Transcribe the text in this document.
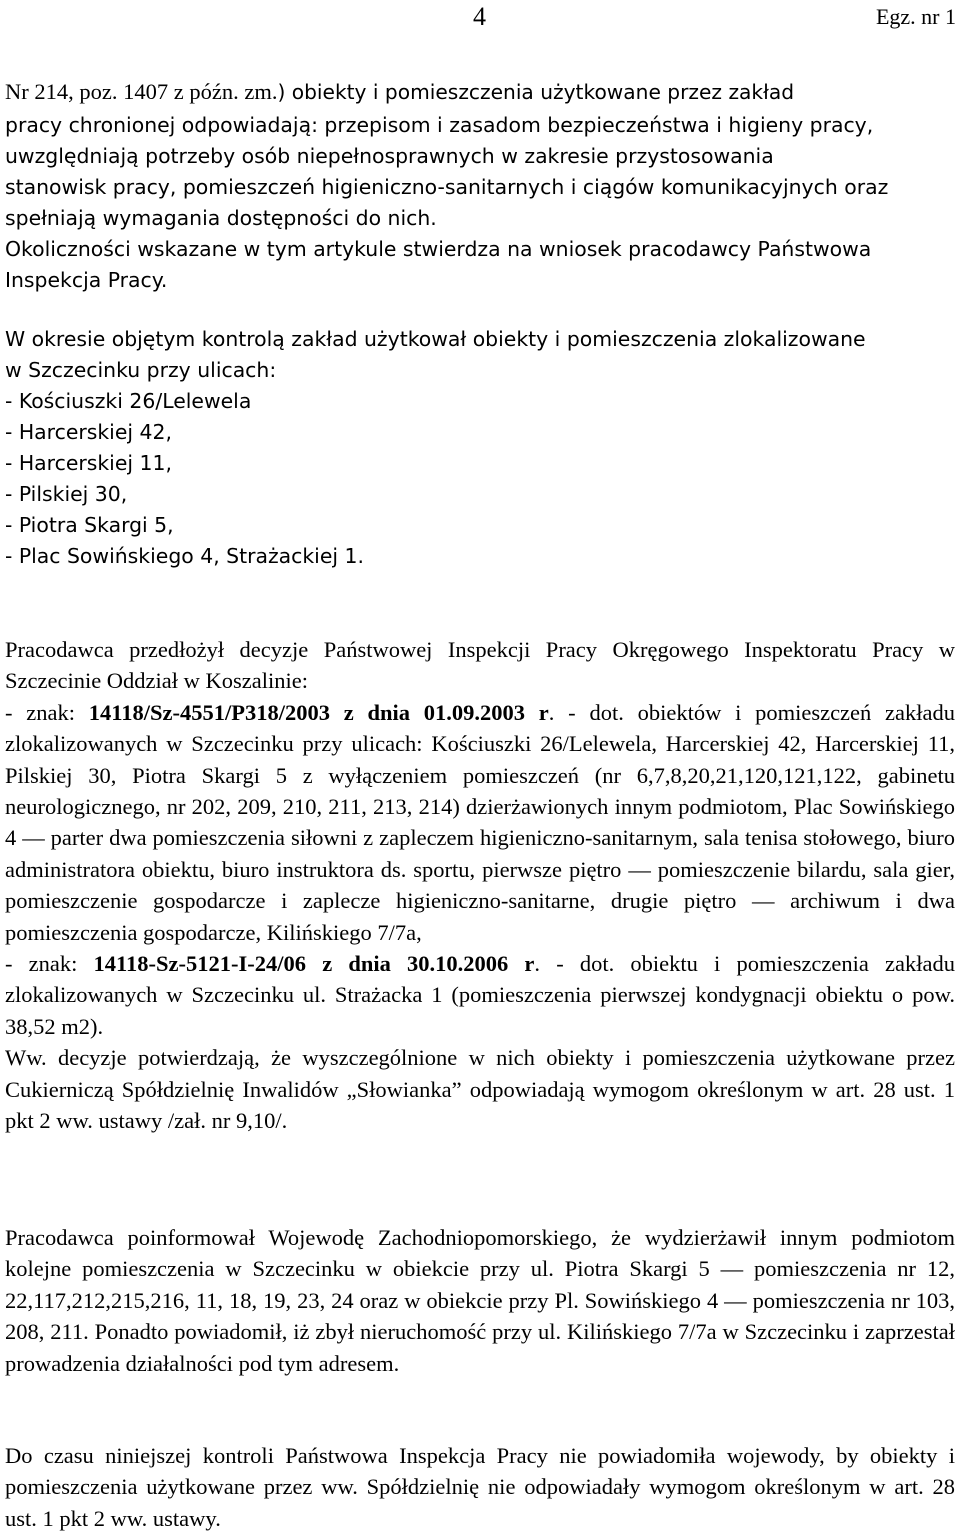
4	Egz. nr 1
Nr 214, poz. 1407 z późn. zm.) obiekty i pomieszczenia użytkowane przez zakład
pracy chronionej odpowiadają: przepisom i zasadom bezpieczeństwa i higieny pracy,
uwzględniają potrzeby osób niepełnosprawnych w zakresie przystosowania
stanowisk pracy, pomieszczeń higieniczno-sanitarnych i ciągów komunikacyjnych oraz
spełniają wymagania dostępności do nich.
Okoliczności wskazane w tym artykule stwierdza na wniosek pracodawcy Państwowa
Inspekcja Pracy.
W okresie objętym kontrolą zakład użytkował obiekty i pomieszczenia zlokalizowane
w Szczecinku przy ulicach:
- Kościuszki 26/Lelewela
- Harcerskiej 42,
- Harcerskiej 11,
- Pilskiej 30,
- Piotra Skargi 5,
- Plac Sowińskiego 4, Strażackiej 1.
Pracodawca przedłożył decyzje Państwowej Inspekcji Pracy Okręgowego Inspektoratu Pracy w Szczecinie Oddział w Koszalinie:
- znak: 14118/Sz-4551/P318/2003 z dnia 01.09.2003 r. - dot. obiektów i pomieszczeń zakładu zlokalizowanych w Szczecinku przy ulicach: Kościuszki 26/Lelewela, Harcerskiej 42, Harcerskiej 11, Pilskiej 30, Piotra Skargi 5 z wyłączeniem pomieszczeń (nr 6,7,8,20,21,120,121,122, gabinetu neurologicznego, nr 202, 209, 210, 211, 213, 214) dzierżawionych innym podmiotom, Plac Sowińskiego 4 — parter dwa pomieszczenia siłowni z zapleczem higieniczno-sanitarnym, sala tenisa stołowego, biuro administratora obiektu, biuro instruktora ds. sportu, pierwsze piętro — pomieszczenie bilardu, sala gier, pomieszczenie gospodarcze i zaplecze higieniczno-sanitarne, drugie piętro — archiwum i dwa pomieszczenia gospodarcze, Kilińskiego 7/7a,
- znak: 14118-Sz-5121-I-24/06 z dnia 30.10.2006 r. - dot. obiektu i pomieszczenia zakładu zlokalizowanych w Szczecinku ul. Strażacka 1 (pomieszczenia pierwszej kondygnacji obiektu o pow. 38,52 m2).
Ww. decyzje potwierdzają, że wyszczególnione w nich obiekty i pomieszczenia użytkowane przez Cukierniczą Spółdzielnię Inwalidów „Słowianka” odpowiadają wymogom określonym w art. 28 ust. 1 pkt 2 ww. ustawy /zał. nr 9,10/.
Pracodawca poinformował Wojewodę Zachodniopomorskiego, że wydzierżawił innym podmiotom kolejne pomieszczenia w Szczecinku w obiekcie przy ul. Piotra Skargi 5 — pomieszczenia nr 12, 22,117,212,215,216, 11, 18, 19, 23, 24 oraz w obiekcie przy Pl. Sowińskiego 4 — pomieszczenia nr 103, 208, 211. Ponadto powiadomił, iż zbył nieruchomość przy ul. Kilińskiego 7/7a w Szczecinku i zaprzestał prowadzenia działalności pod tym adresem.
Do czasu niniejszej kontroli Państwowa Inspekcja Pracy nie powiadomiła wojewody, by obiekty i pomieszczenia użytkowane przez ww. Spółdzielnię nie odpowiadały wymogom określonym w art. 28 ust. 1 pkt 2 ww. ustawy.
